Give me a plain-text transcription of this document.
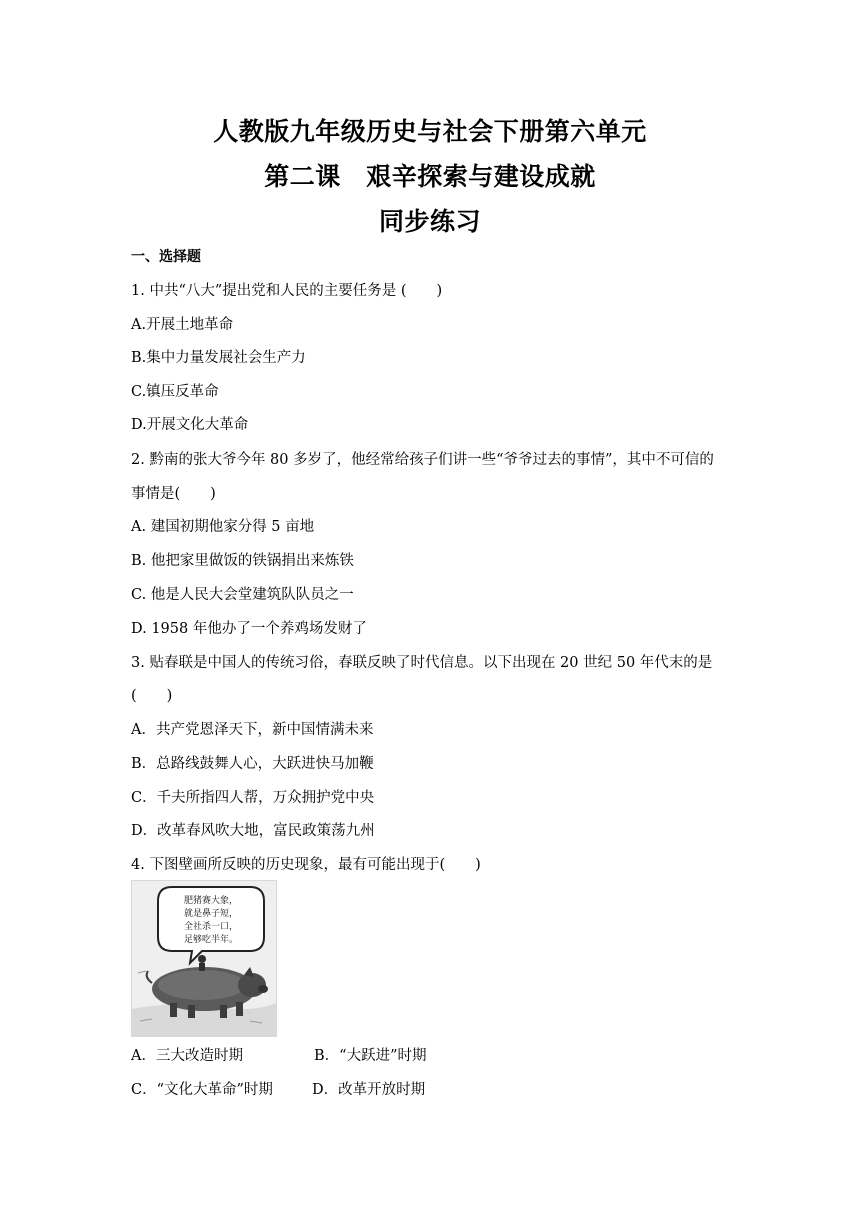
人教版九年级历史与社会下册第六单元
第二课　艰辛探索与建设成就
同步练习
一、选择题
1. 中共“八大”提出党和人民的主要任务是 ( )
A.开展土地革命
B.集中力量发展社会生产力
C.镇压反革命
D.开展文化大革命
2. 黔南的张大爷今年 80 多岁了，他经常给孩子们讲一些“爷爷过去的事情”，其中不可信的
事情是( )
A. 建国初期他家分得 5 亩地
B. 他把家里做饭的铁锅捐出来炼铁
C. 他是人民大会堂建筑队队员之一
D. 1958 年他办了一个养鸡场发财了
3. 贴春联是中国人的传统习俗，春联反映了时代信息。以下出现在 20 世纪 50 年代末的是
( )
A．共产党恩泽天下，新中国情满未来
B．总路线鼓舞人心，大跃进快马加鞭
C．千夫所指四人帮，万众拥护党中央
D．改革春风吹大地，富民政策荡九州
4. 下图壁画所反映的历史现象，最有可能出现于( )
肥猪赛大象，
就是鼻子短，
全社杀一口，
足够吃半年。
A．三大改造时期	B．“大跃进”时期
C．“文化大革命”时期	D．改革开放时期
